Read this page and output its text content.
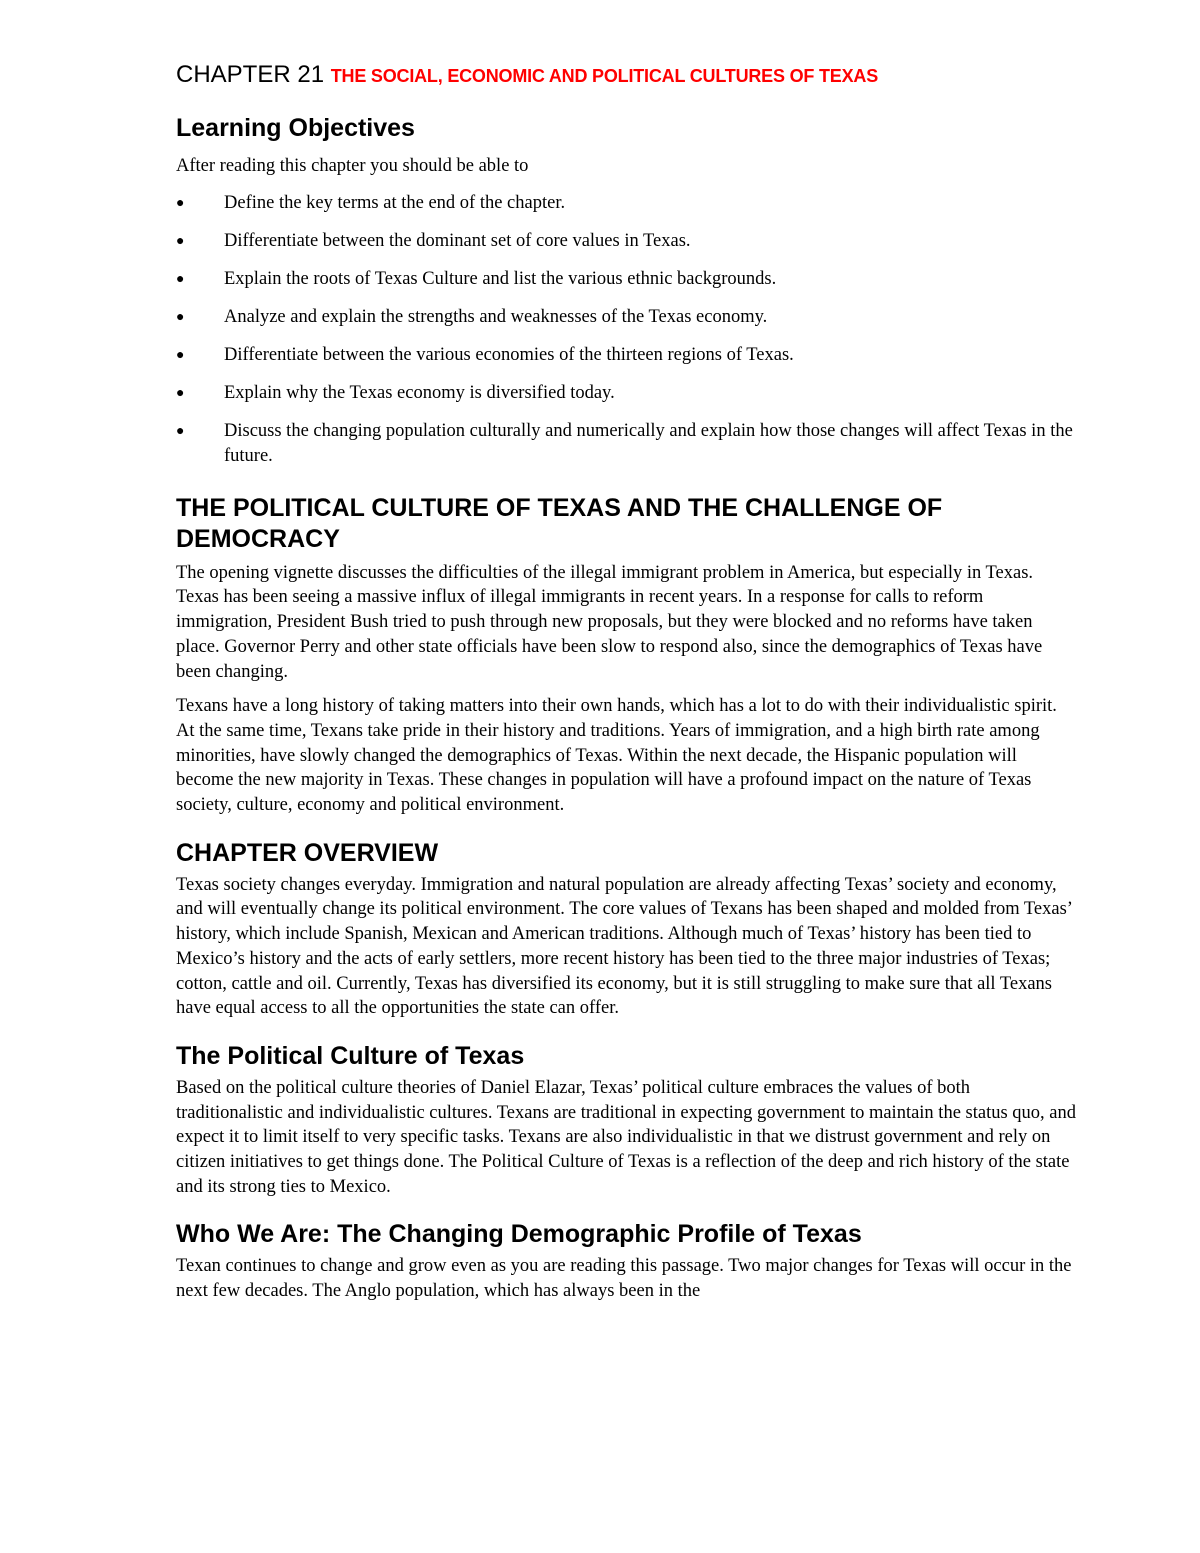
CHAPTER 21 THE SOCIAL, ECONOMIC AND POLITICAL CULTURES OF TEXAS
Learning Objectives

After reading this chapter you should be able to

● Define the key terms at the end of the chapter.
● Differentiate between the dominant set of core values in Texas.
● Explain the roots of Texas Culture and list the various ethnic backgrounds.
● Analyze and explain the strengths and weaknesses of the Texas economy.
● Differentiate between the various economies of the thirteen regions of Texas.
● Explain why the Texas economy is diversified today.
● Discuss the changing population culturally and numerically and explain how those changes will affect Texas in the future.
THE POLITICAL CULTURE OF TEXAS AND THE CHALLENGE OF DEMOCRACY

The opening vignette discusses the difficulties of the illegal immigrant problem in America, but especially in Texas. Texas has been seeing a massive influx of illegal immigrants in recent years. In a response for calls to reform immigration, President Bush tried to push through new proposals, but they were blocked and no reforms have taken place. Governor Perry and other state officials have been slow to respond also, since the demographics of Texas have been changing.

Texans have a long history of taking matters into their own hands, which has a lot to do with their individualistic spirit. At the same time, Texans take pride in their history and traditions. Years of immigration, and a high birth rate among minorities, have slowly changed the demographics of Texas. Within the next decade, the Hispanic population will become the new majority in Texas. These changes in population will have a profound impact on the nature of Texas society, culture, economy and political environment.

CHAPTER OVERVIEW

Texas society changes everyday. Immigration and natural population are already affecting Texas’ society and economy, and will eventually change its political environment. The core values of Texans has been shaped and molded from Texas’ history, which include Spanish, Mexican and American traditions. Although much of Texas’ history has been tied to Mexico’s history and the acts of early settlers, more recent history has been tied to the three major industries of Texas; cotton, cattle and oil. Currently, Texas has diversified its economy, but it is still struggling to make sure that all Texans have equal access to all the opportunities the state can offer.

The Political Culture of Texas

Based on the political culture theories of Daniel Elazar, Texas’ political culture embraces the values of both traditionalistic and individualistic cultures. Texans are traditional in expecting government to maintain the status quo, and expect it to limit itself to very specific tasks. Texans are also individualistic in that we distrust government and rely on citizen initiatives to get things done. The Political Culture of Texas is a reflection of the deep and rich history of the state and its strong ties to Mexico.

Who We Are: The Changing Demographic Profile of Texas

Texan continues to change and grow even as you are reading this passage. Two major changes for Texas will occur in the next few decades. The Anglo population, which has always been in the
